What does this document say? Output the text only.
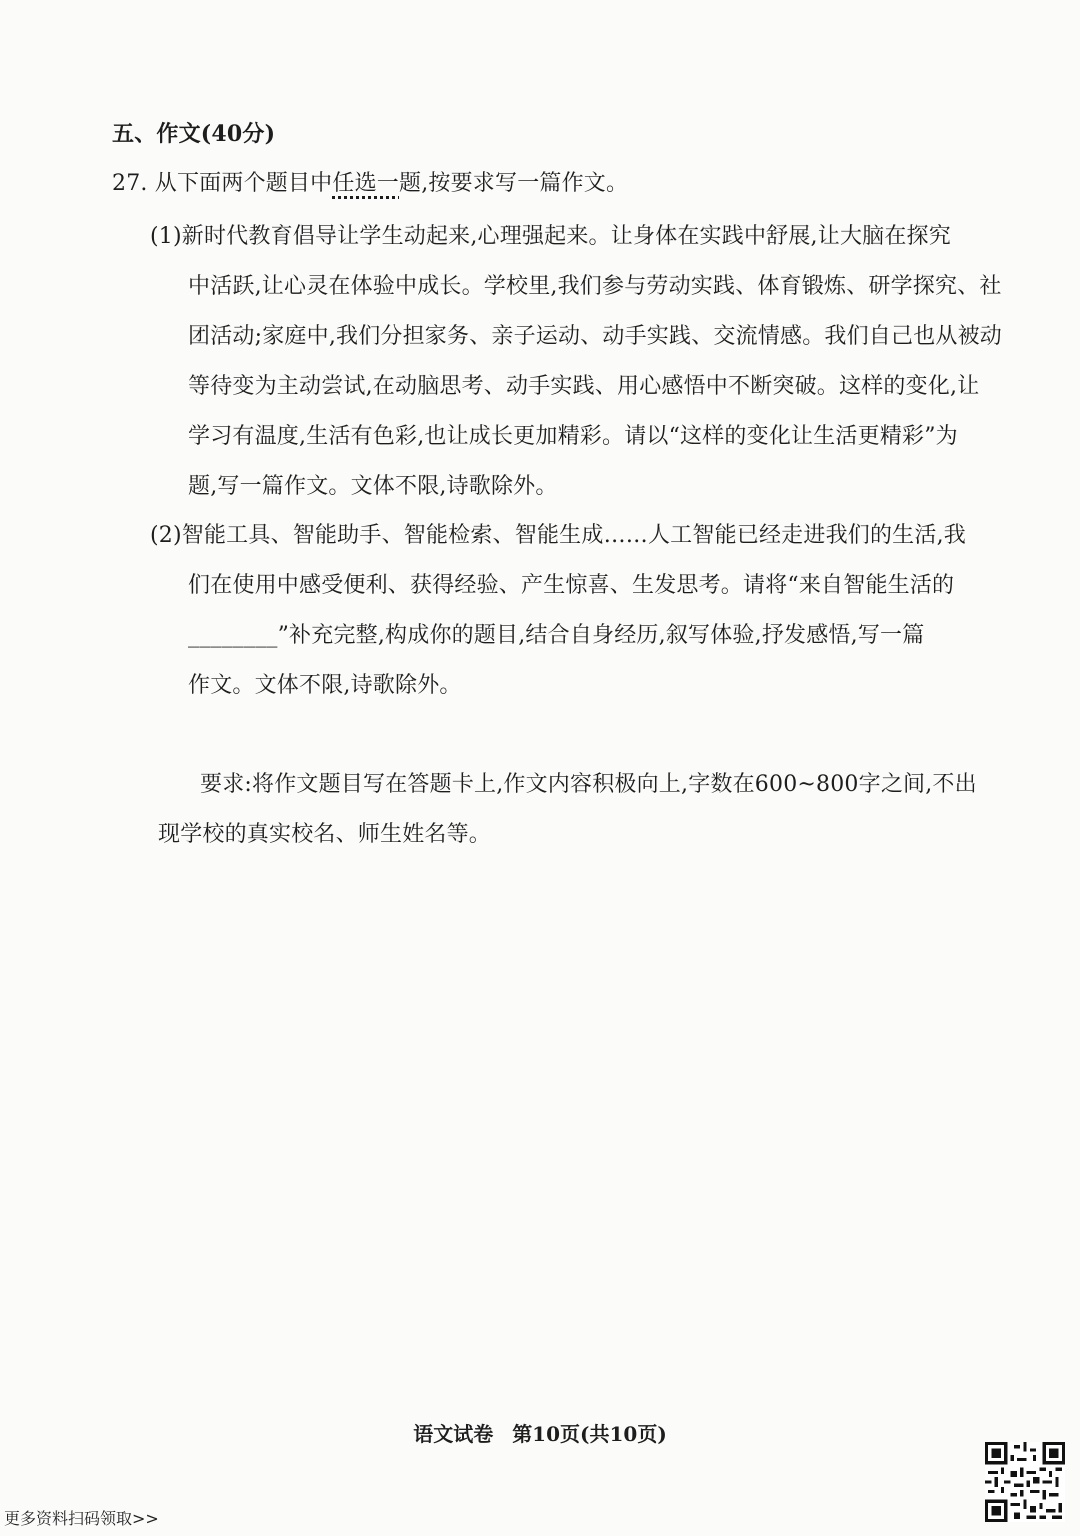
五、作文(40分)
27. 从下面两个题目中任选一题,按要求写一篇作文。
(1)新时代教育倡导让学生动起来,心理强起来。让身体在实践中舒展,让大脑在探究
中活跃,让心灵在体验中成长。学校里,我们参与劳动实践、体育锻炼、研学探究、社
团活动;家庭中,我们分担家务、亲子运动、动手实践、交流情感。我们自己也从被动
等待变为主动尝试,在动脑思考、动手实践、用心感悟中不断突破。这样的变化,让
学习有温度,生活有色彩,也让成长更加精彩。请以“这样的变化让生活更精彩”为
题,写一篇作文。文体不限,诗歌除外。
(2)智能工具、智能助手、智能检索、智能生成……人工智能已经走进我们的生活,我
们在使用中感受便利、获得经验、产生惊喜、生发思考。请将“来自智能生活的
________”补充完整,构成你的题目,结合自身经历,叙写体验,抒发感悟,写一篇
作文。文体不限,诗歌除外。
要求:将作文题目写在答题卡上,作文内容积极向上,字数在600~800字之间,不出
现学校的真实校名、师生姓名等。
语文试卷 第10页(共10页)
更多资料扫码领取>>
